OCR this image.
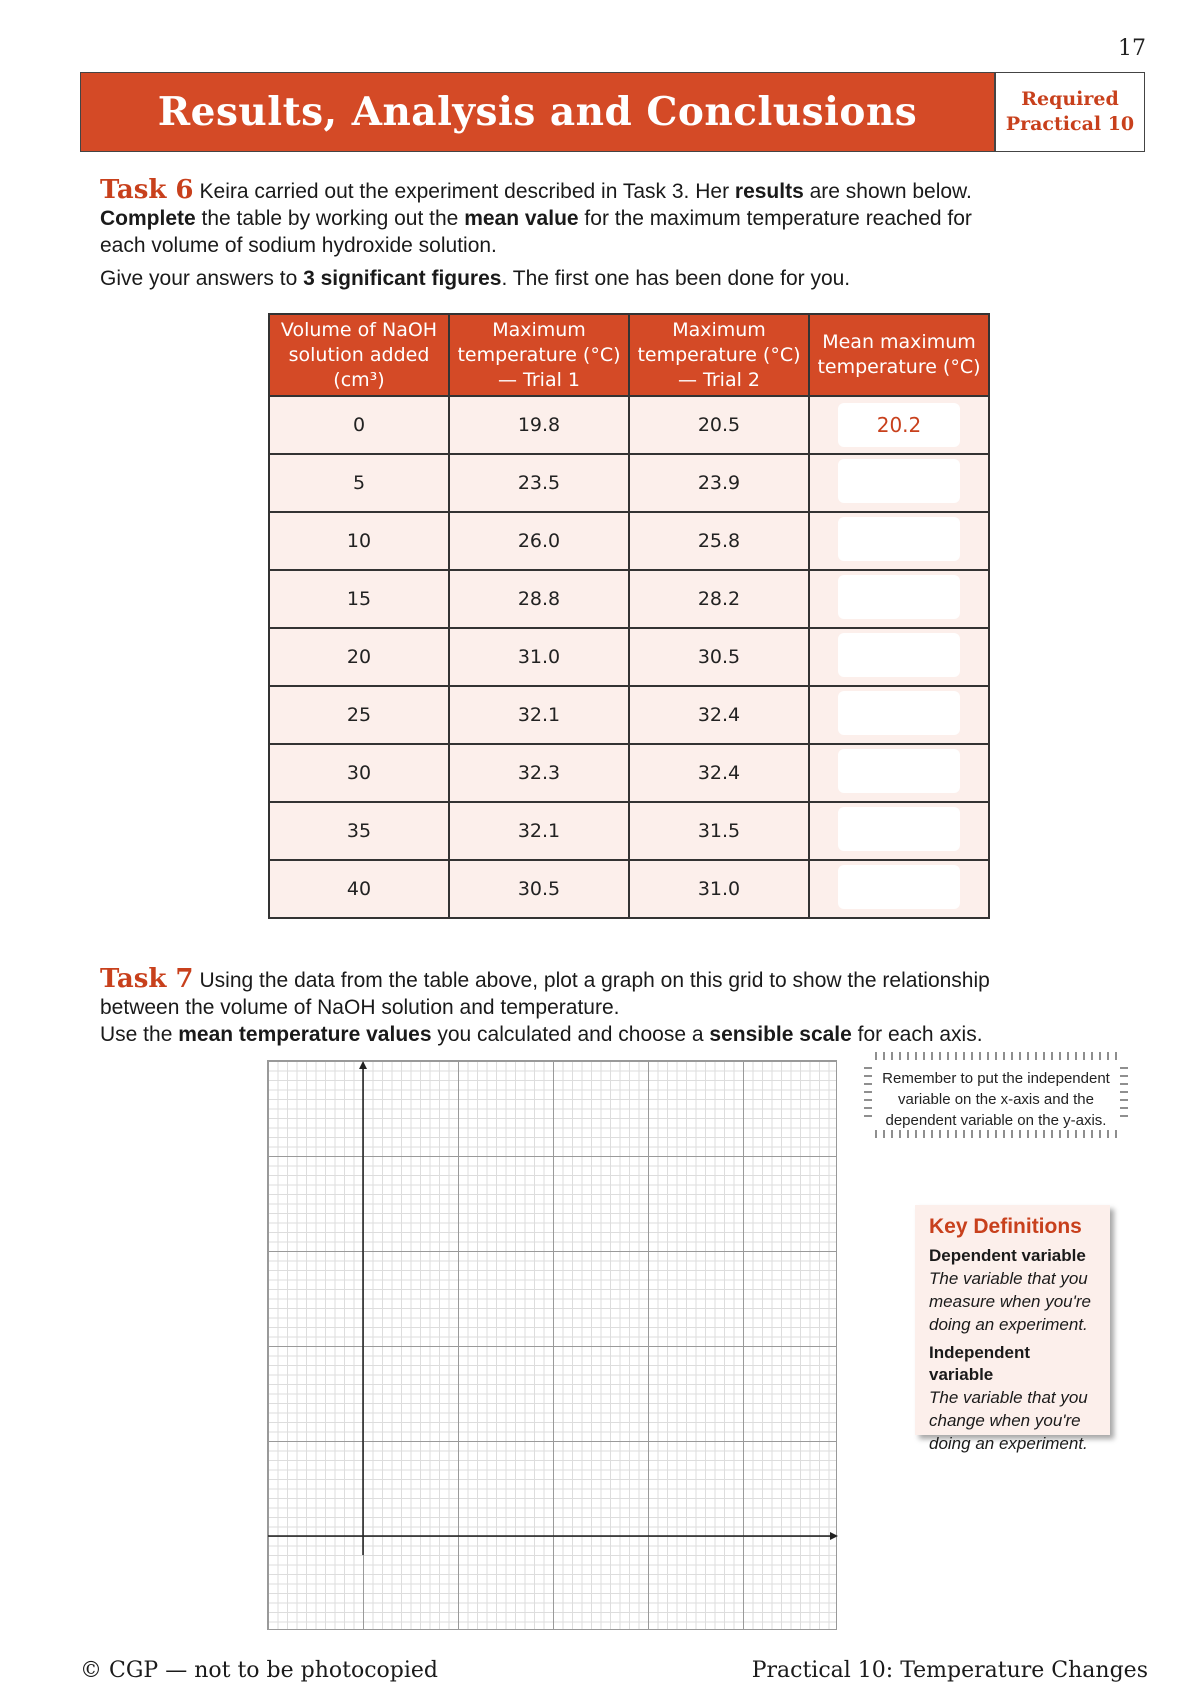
17
Results, Analysis and Conclusions	Required
Practical 10

Task 6 Keira carried out the experiment described in Task 3. Her results are shown below.
Complete the table by working out the mean value for the maximum temperature reached for each volume of sodium hydroxide solution.

Give your answers to 3 significant figures. The first one has been done for you.

Volume of NaOH solution added (cm³)	Maximum temperature (°C) — Trial 1	Maximum temperature (°C) — Trial 2	Mean maximum temperature (°C)
0	19.8	20.5	20.2
5	23.5	23.9	
10	26.0	25.8	
15	28.8	28.2	
20	31.0	30.5	
25	32.1	32.4	
30	32.3	32.4	
35	32.1	31.5	
40	30.5	31.0	

Task 7 Using the data from the table above, plot a graph on this grid to show the relationship between the volume of NaOH solution and temperature.

Use the mean temperature values you calculated and choose a sensible scale for each axis.

Remember to put the independent variable on the x-axis and the dependent variable on the y-axis.
Key Definitions
Dependent variable
The variable that you measure when you're doing an experiment.
Independent variable
The variable that you change when you're doing an experiment.
© CGP — not to be photocopied	Practical 10: Temperature Changes
